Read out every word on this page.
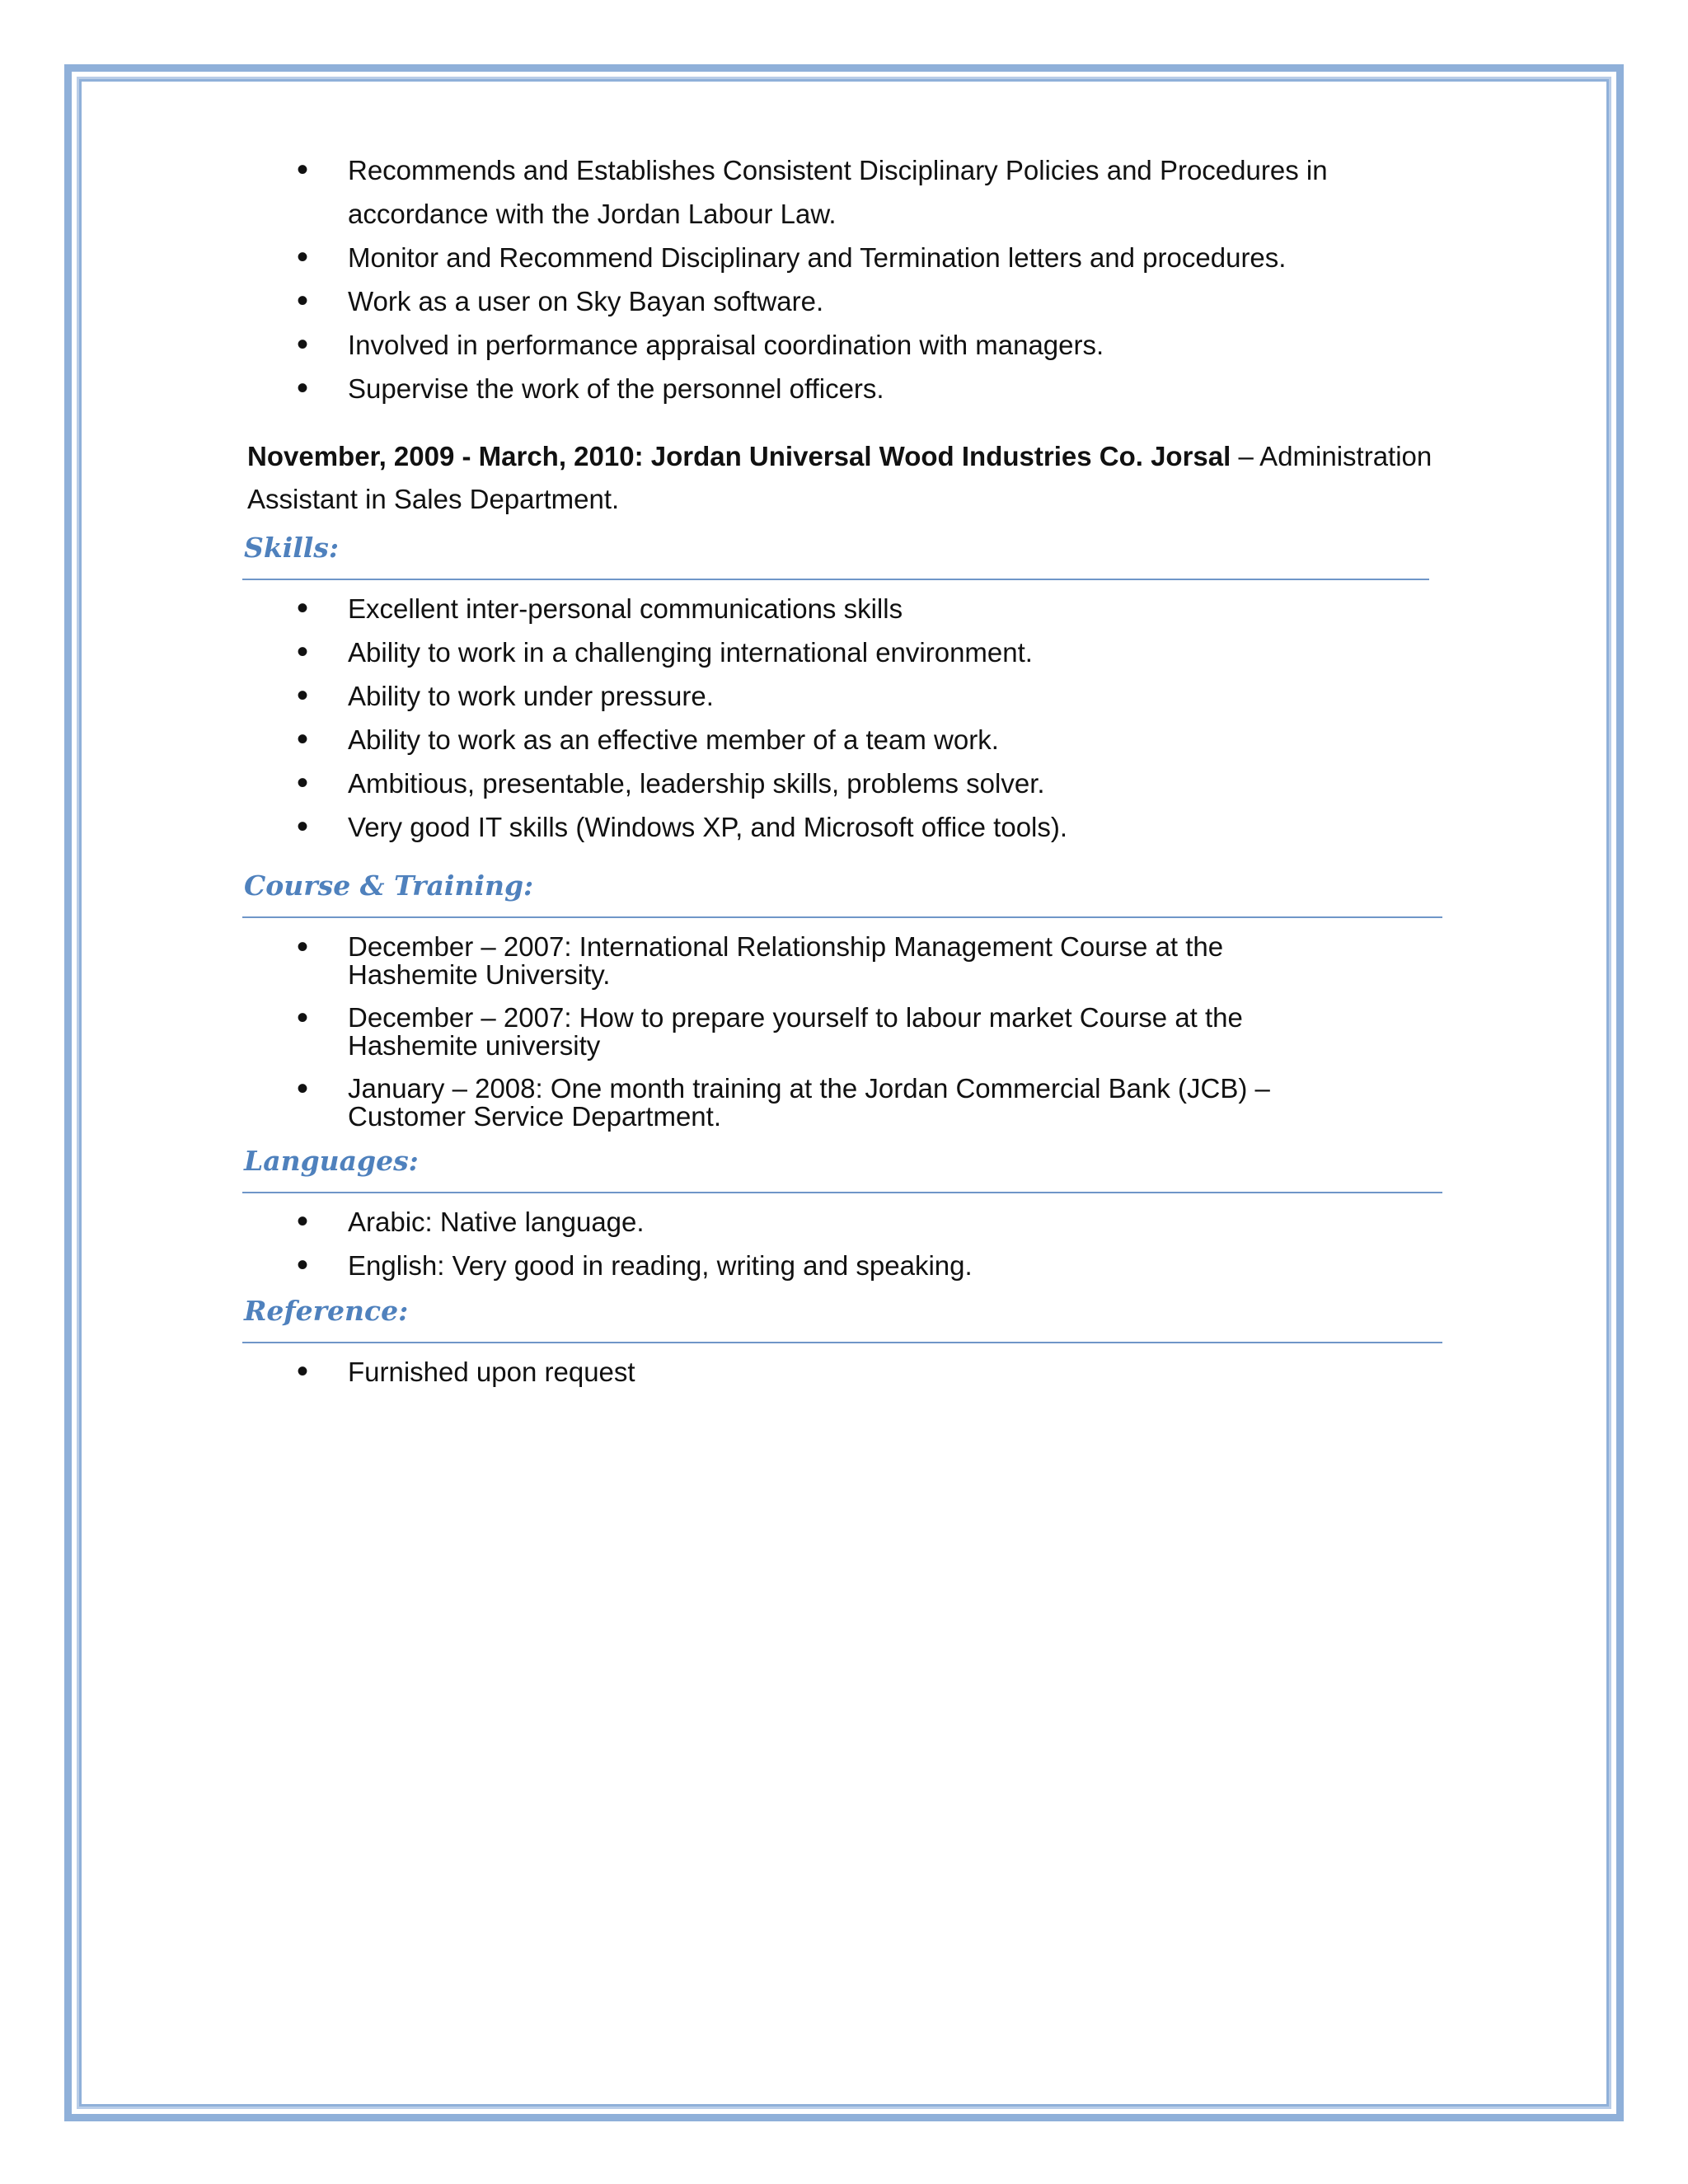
• Recommends and Establishes Consistent Disciplinary Policies and Procedures in accordance with the Jordan Labour Law.
• Monitor and Recommend Disciplinary and Termination letters and procedures.
• Work as a user on Sky Bayan software.
• Involved in performance appraisal coordination with managers.
• Supervise the work of the personnel officers.
November, 2009 - March, 2010: Jordan Universal Wood Industries Co. Jorsal – Administration Assistant in Sales Department.
Skills:
• Excellent inter-personal communications skills
• Ability to work in a challenging international environment.
• Ability to work under pressure.
• Ability to work as an effective member of a team work.
• Ambitious, presentable, leadership skills, problems solver.
• Very good IT skills (Windows XP, and Microsoft office tools).
Course & Training:
• December – 2007: International Relationship Management Course at the Hashemite University.
• December – 2007: How to prepare yourself to labour market Course at the Hashemite university
• January – 2008: One month training at the Jordan Commercial Bank (JCB) – Customer Service Department.
Languages:
• Arabic: Native language.
• English: Very good in reading, writing and speaking.
Reference:
• Furnished upon request
